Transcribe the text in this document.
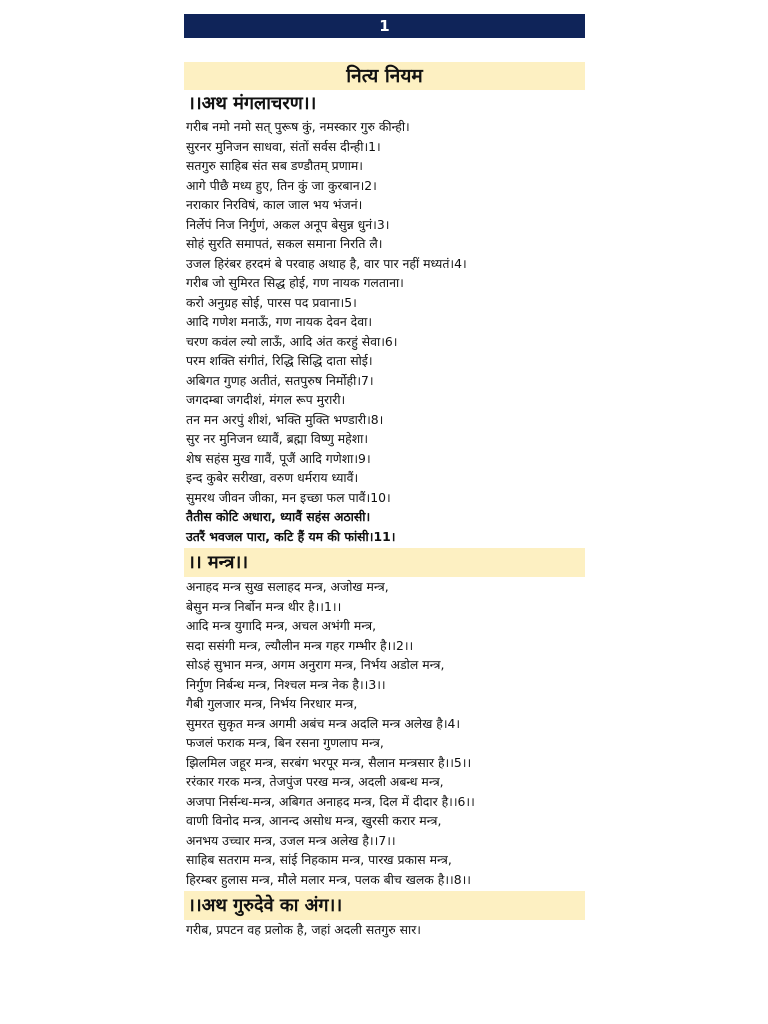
1
नित्य नियम
।।अथ मंगलाचरण।।
गरीब नमो नमो सत् पुरूष कुं, नमस्कार गुरु कीन्ही।
सुरनर मुनिजन साधवा, संतों सर्वस दीन्ही।1।
सतगुरु साहिब संत सब डण्डौतम् प्रणाम।
आगे पीछै मध्य हुए, तिन कुं जा कुरबान।2।
नराकार निरविषं, काल जाल भय भंजनं।
निर्लेपं निज निर्गुणं, अकल अनूप बेसुन्न धुनं।3।
सोहं सुरति समापतं, सकल समाना निरति लै।
उजल हिरंबर हरदमं बे परवाह अथाह है, वार पार नहीं मध्यतं।4।
गरीब जो सुमिरत सिद्ध होई, गण नायक गलताना।
करो अनुग्रह सोई, पारस पद प्रवाना।5।
आदि गणेश मनाऊँ, गण नायक देवन देवा।
चरण कवंल ल्यो लाऊँ, आदि अंत करहुं सेवा।6।
परम शक्ति संगीतं, रिद्धि सिद्धि दाता सोई।
अबिगत गुणह अतीतं, सतपुरुष निर्मोही।7।
जगदम्बा जगदीशं, मंगल रूप मुरारी।
तन मन अरपुं शीशं, भक्ति मुक्ति भण्डारी।8।
सुर नर मुनिजन ध्यावैं, ब्रह्मा विष्णु महेशा।
शेष सहंस मुख गावैं, पूजैं आदि गणेशा।9।
इन्द कुबेर सरीखा, वरुण धर्मराय ध्यावैं।
सुमरथ जीवन जीका, मन इच्छा फल पावैं।10।
तैतीस कोटि अधारा, ध्यावैं सहंस अठासी।
उतरैं भवजल पारा, कटि हैं यम की फांसी।11।
।। मन्त्र।।
अनाहद मन्त्र सुख सलाहद मन्त्र, अजोख मन्त्र,
बेसुन मन्त्र निर्बोन मन्त्र थीर है।।1।।
आदि मन्त्र युगादि मन्त्र, अचल अभंगी मन्त्र,
सदा ससंगी मन्त्र, ल्यौलीन मन्त्र गहर गम्भीर है।।2।।
सोऽहं सुभान मन्त्र, अगम अनुराग मन्त्र, निर्भय अडोल मन्त्र,
निर्गुण निर्बन्ध मन्त्र, निश्चल मन्त्र नेक है।।3।।
गैबी गुलजार मन्त्र, निर्भय निरधार मन्त्र,
सुमरत सुकृत मन्त्र अगमी अबंच मन्त्र अदलि मन्त्र अलेख है।4।
फजलं फराक मन्त्र, बिन रसना गुणलाप मन्त्र,
झिलमिल जहूर मन्त्र, सरबंग भरपूर मन्त्र, सैलान मन्त्रसार है।।5।।
ररंकार गरक मन्त्र, तेजपुंज परख मन्त्र, अदली अबन्ध मन्त्र,
अजपा निर्सन्ध-मन्त्र, अबिगत अनाहद मन्त्र, दिल में दीदार है।।6।।
वाणी विनोद मन्त्र, आनन्द असोध मन्त्र, खुरसी करार मन्त्र,
अनभय उच्चार मन्त्र, उजल मन्त्र अलेख है।।7।।
साहिब सतराम मन्त्र, सांई निहकाम मन्त्र, पारख प्रकास मन्त्र,
हिरम्बर हुलास मन्त्र, मौले मलार मन्त्र, पलक बीच खलक है।।8।।
।।अथ गुरुदेवे का अंग।।
गरीब, प्रपटन वह प्रलोक है, जहां अदली सतगुरु सार।
